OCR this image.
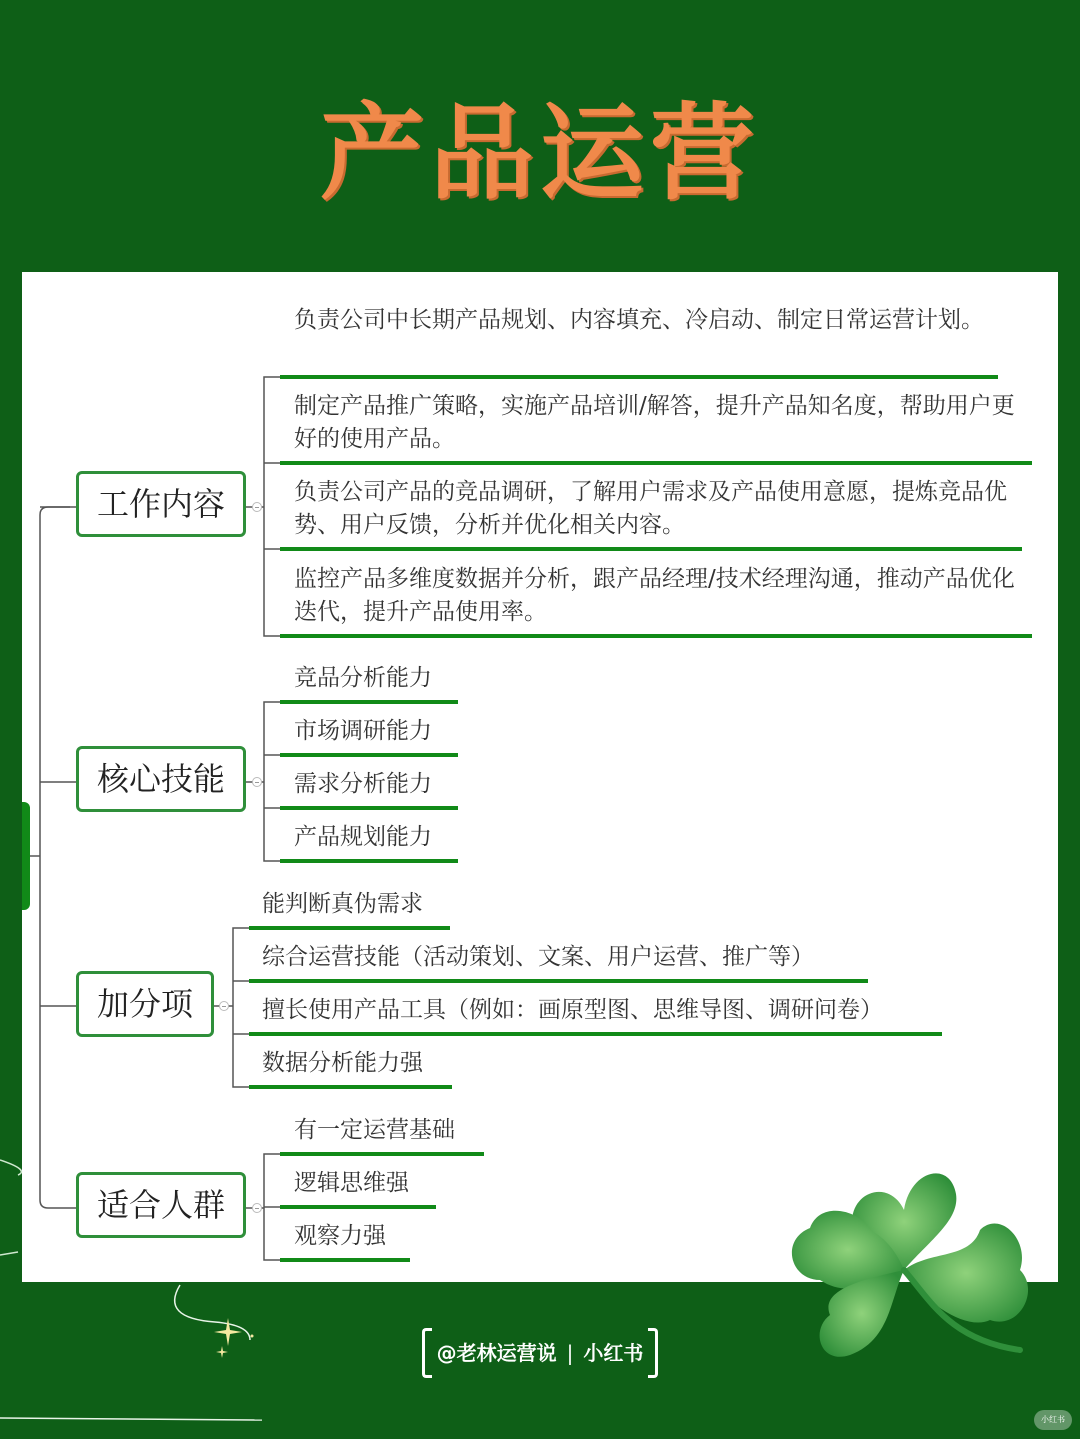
产品运营
工作内容
核心技能
加分项
适合人群
负责公司中长期产品规划、内容填充、冷启动、制定日常运营计划。
制定产品推广策略，实施产品培训/解答，提升产品知名度，帮助用户更好的使用产品。
负责公司产品的竞品调研，了解用户需求及产品使用意愿，提炼竞品优势、用户反馈，分析并优化相关内容。
监控产品多维度数据并分析，跟产品经理/技术经理沟通，推动产品优化迭代，提升产品使用率。
竞品分析能力
市场调研能力
需求分析能力
产品规划能力
能判断真伪需求
综合运营技能（活动策划、文案、用户运营、推广等）
擅长使用产品工具（例如：画原型图、思维导图、调研问卷）
数据分析能力强
有一定运营基础
逻辑思维强
观察力强
@老林运营说 | 小红书
小红书
